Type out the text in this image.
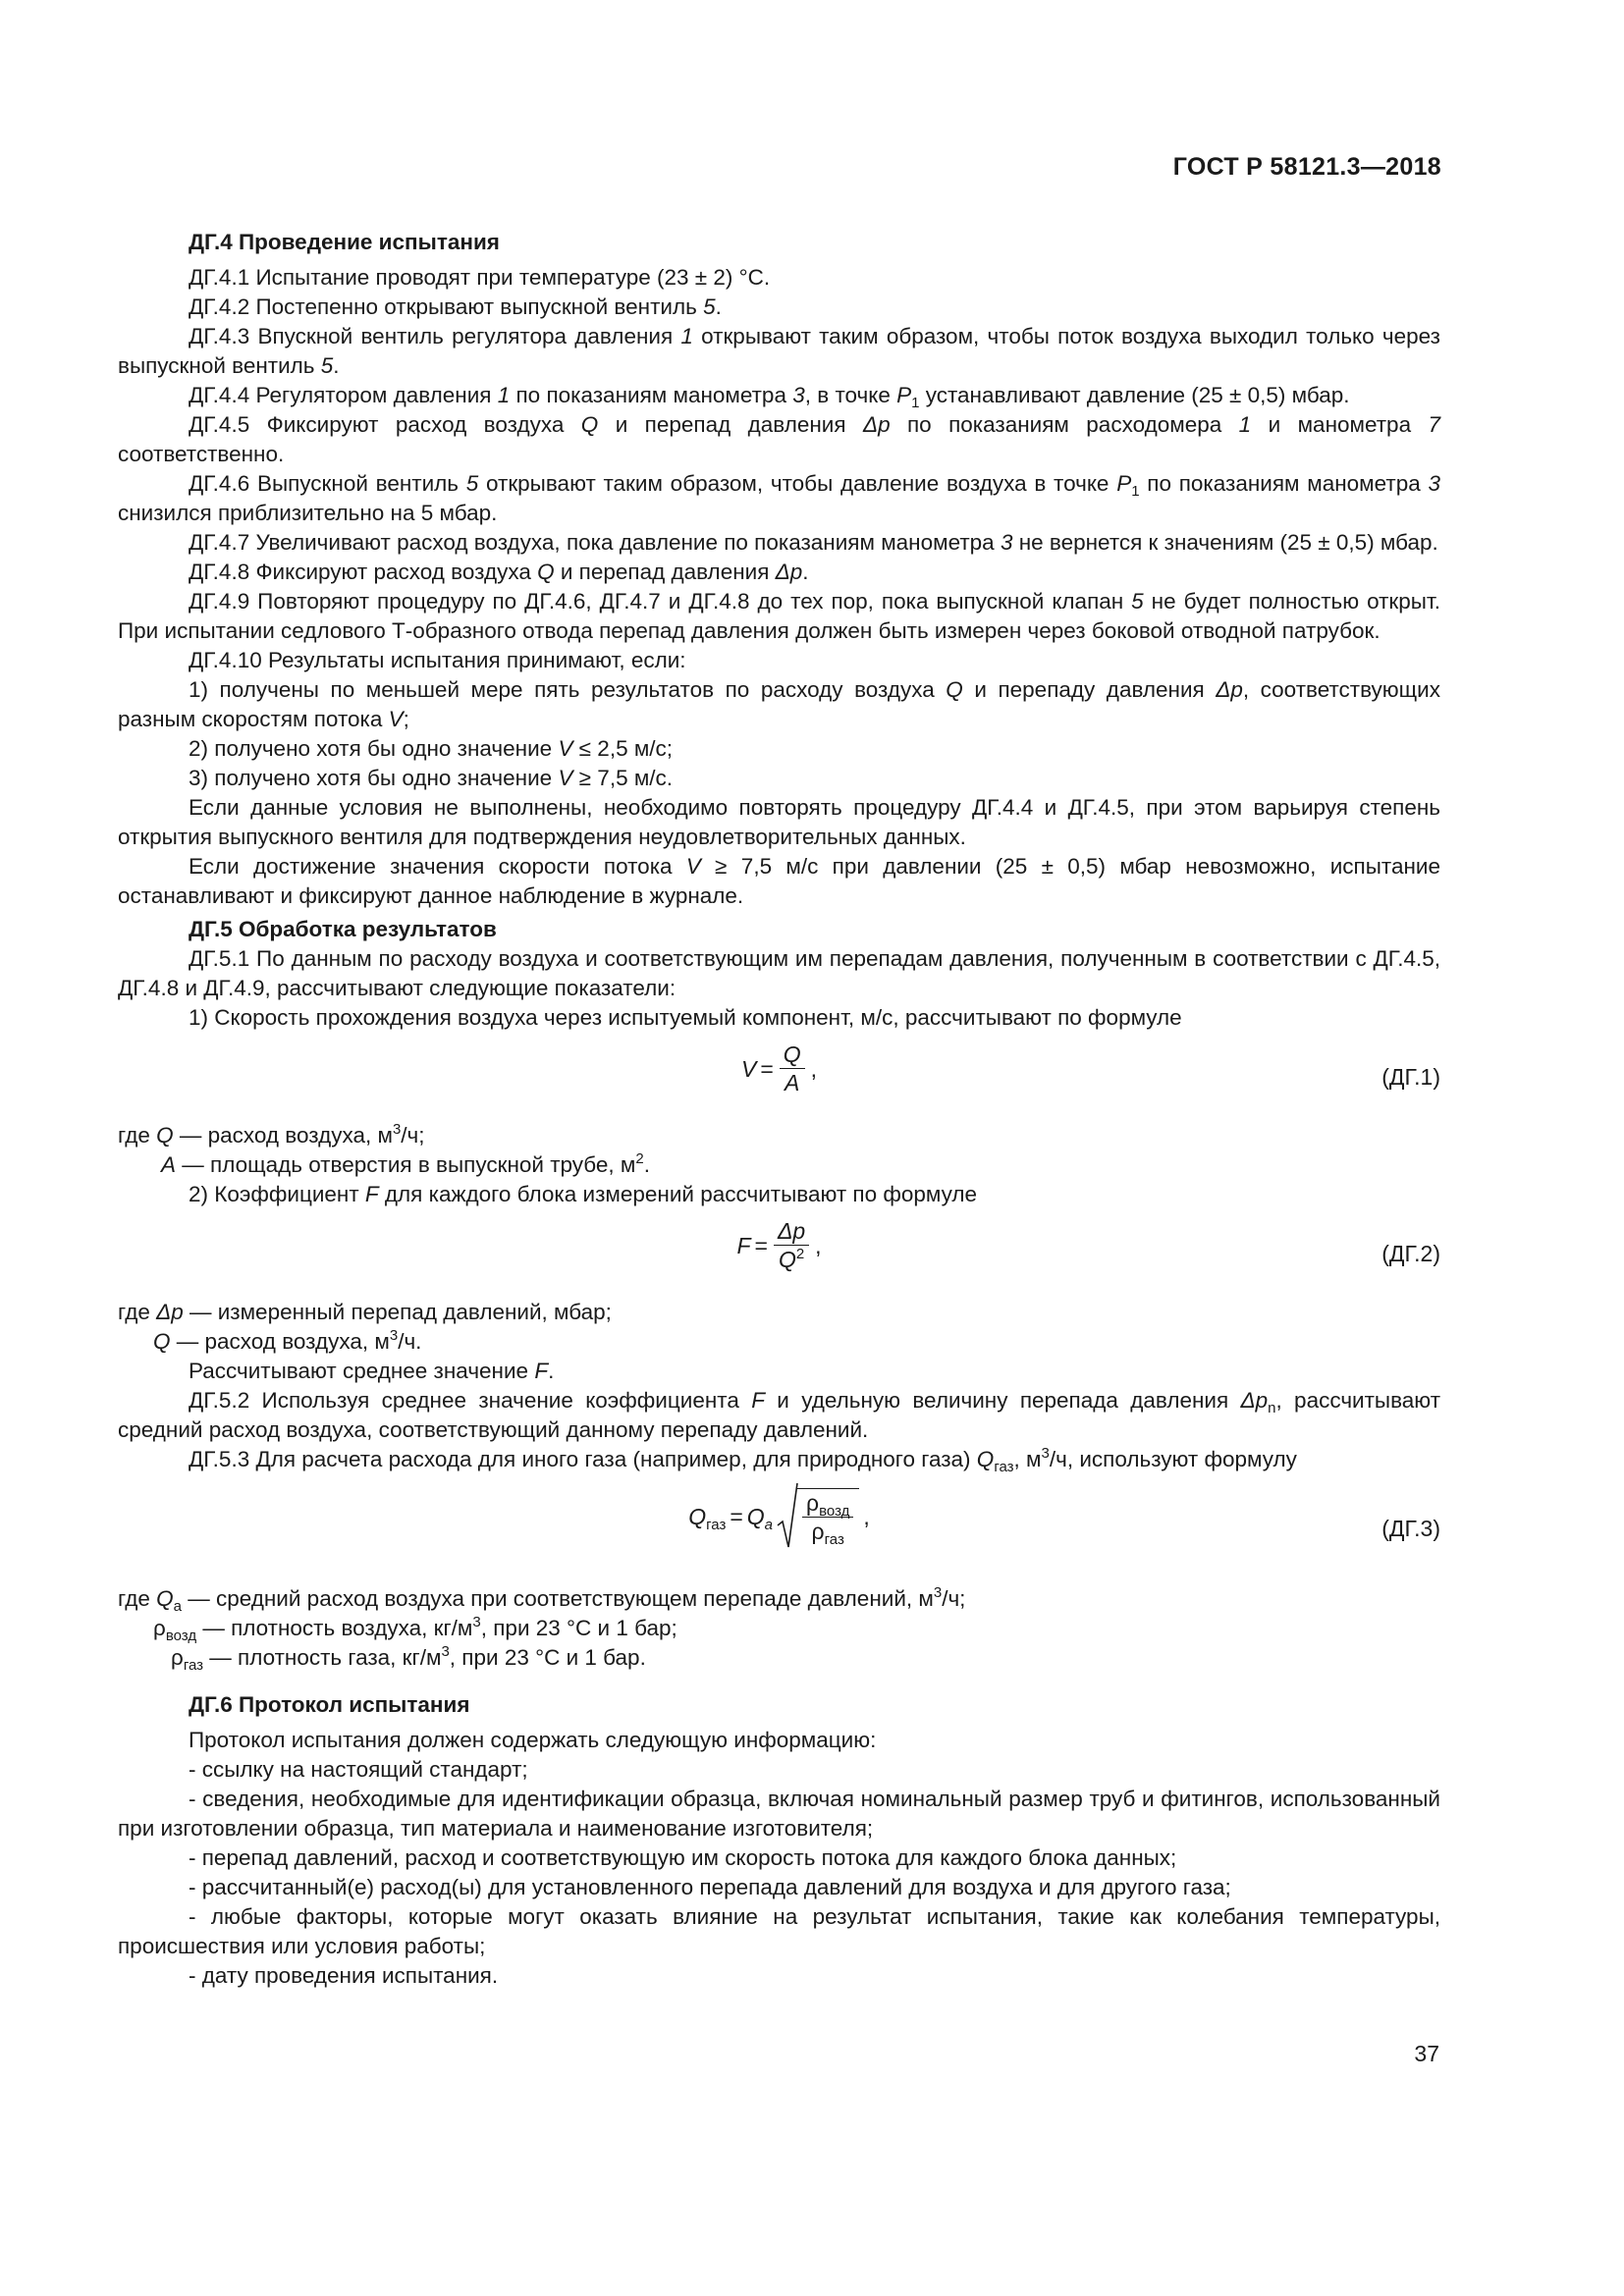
ГОСТ Р 58121.3—2018

ДГ.4 Проведение испытания

ДГ.4.1 Испытание проводят при температуре (23 ± 2) °С.

ДГ.4.2 Постепенно открывают выпускной вентиль 5.

ДГ.4.3 Впускной вентиль регулятора давления 1 открывают таким образом, чтобы поток воздуха выходил только через выпускной вентиль 5.

ДГ.4.4 Регулятором давления 1 по показаниям манометра 3, в точке $P_1$ устанавливают давление (25 ± 0,5) мбар.

ДГ.4.5 Фиксируют расход воздуха Q и перепад давления Δp по показаниям расходомера 1 и манометра 7 соответственно.

ДГ.4.6 Выпускной вентиль 5 открывают таким образом, чтобы давление воздуха в точке $P_1$ по показаниям манометра 3 снизился приблизительно на 5 мбар.

ДГ.4.7 Увеличивают расход воздуха, пока давление по показаниям манометра 3 не вернется к значениям (25 ± 0,5) мбар.

ДГ.4.8 Фиксируют расход воздуха Q и перепад давления Δp.

ДГ.4.9 Повторяют процедуру по ДГ.4.6, ДГ.4.7 и ДГ.4.8 до тех пор, пока выпускной клапан 5 не будет полностью открыт. При испытании седлового Т-образного отвода перепад давления должен быть измерен через боковой отводной патрубок.

ДГ.4.10 Результаты испытания принимают, если:

1) получены по меньшей мере пять результатов по расходу воздуха Q и перепаду давления Δp, соответствующих разным скоростям потока V;

2) получено хотя бы одно значение V ≤ 2,5 м/с;

3) получено хотя бы одно значение V ≥ 7,5 м/с.

Если данные условия не выполнены, необходимо повторять процедуру ДГ.4.4 и ДГ.4.5, при этом варьируя степень открытия выпускного вентиля для подтверждения неудовлетворительных данных.

Если достижение значения скорости потока V ≥ 7,5 м/с при давлении (25 ± 0,5) мбар невозможно, испытание останавливают и фиксируют данное наблюдение в журнале.

ДГ.5 Обработка результатов

ДГ.5.1 По данным по расходу воздуха и соответствующим им перепадам давления, полученным в соответствии с ДГ.4.5, ДГ.4.8 и ДГ.4.9, рассчитывают следующие показатели:

1) Скорость прохождения воздуха через испытуемый компонент, м/с, рассчитывают по формуле

$V = \frac{Q}{A}$ ,	(ДГ.1)

где Q — расход воздуха, $м^3/ч$;

A — площадь отверстия в выпускной трубе, $м^2$.

2) Коэффициент F для каждого блока измерений рассчитывают по формуле

$F = \frac{\Delta p}{Q^2}$ ,	(ДГ.2)

где Δp — измеренный перепад давлений, мбар;

Q — расход воздуха, $м^3/ч$.

Рассчитывают среднее значение F.

ДГ.5.2 Используя среднее значение коэффициента F и удельную величину перепада давления $\Delta p_n$, рассчитывают средний расход воздуха, соответствующий данному перепаду давлений.

ДГ.5.3 Для расчета расхода для иного газа (например, для природного газа) $Q_{газ}$, $м^3/ч$, используют формулу

$Q_{газ} = Q_a \frac{\rho_{возд}}{\rho_{газ}}$ ,	(ДГ.3)

где $Q_a$ — средний расход воздуха при соответствующем перепаде давлений, $м^3/ч$;

$\rho_{возд}$ — плотность воздуха, $кг/м^3$, при 23 °С и 1 бар;

$\rho_{газ}$ — плотность газа, $кг/м^3$, при 23 °С и 1 бар.

ДГ.6 Протокол испытания

Протокол испытания должен содержать следующую информацию:

- ссылку на настоящий стандарт;

- сведения, необходимые для идентификации образца, включая номинальный размер труб и фитингов, использованный при изготовлении образца, тип материала и наименование изготовителя;

- перепад давлений, расход и соответствующую им скорость потока для каждого блока данных;

- рассчитанный(е) расход(ы) для установленного перепада давлений для воздуха и для другого газа;

- любые факторы, которые могут оказать влияние на результат испытания, такие как колебания температуры, происшествия или условия работы;

- дату проведения испытания.

37
